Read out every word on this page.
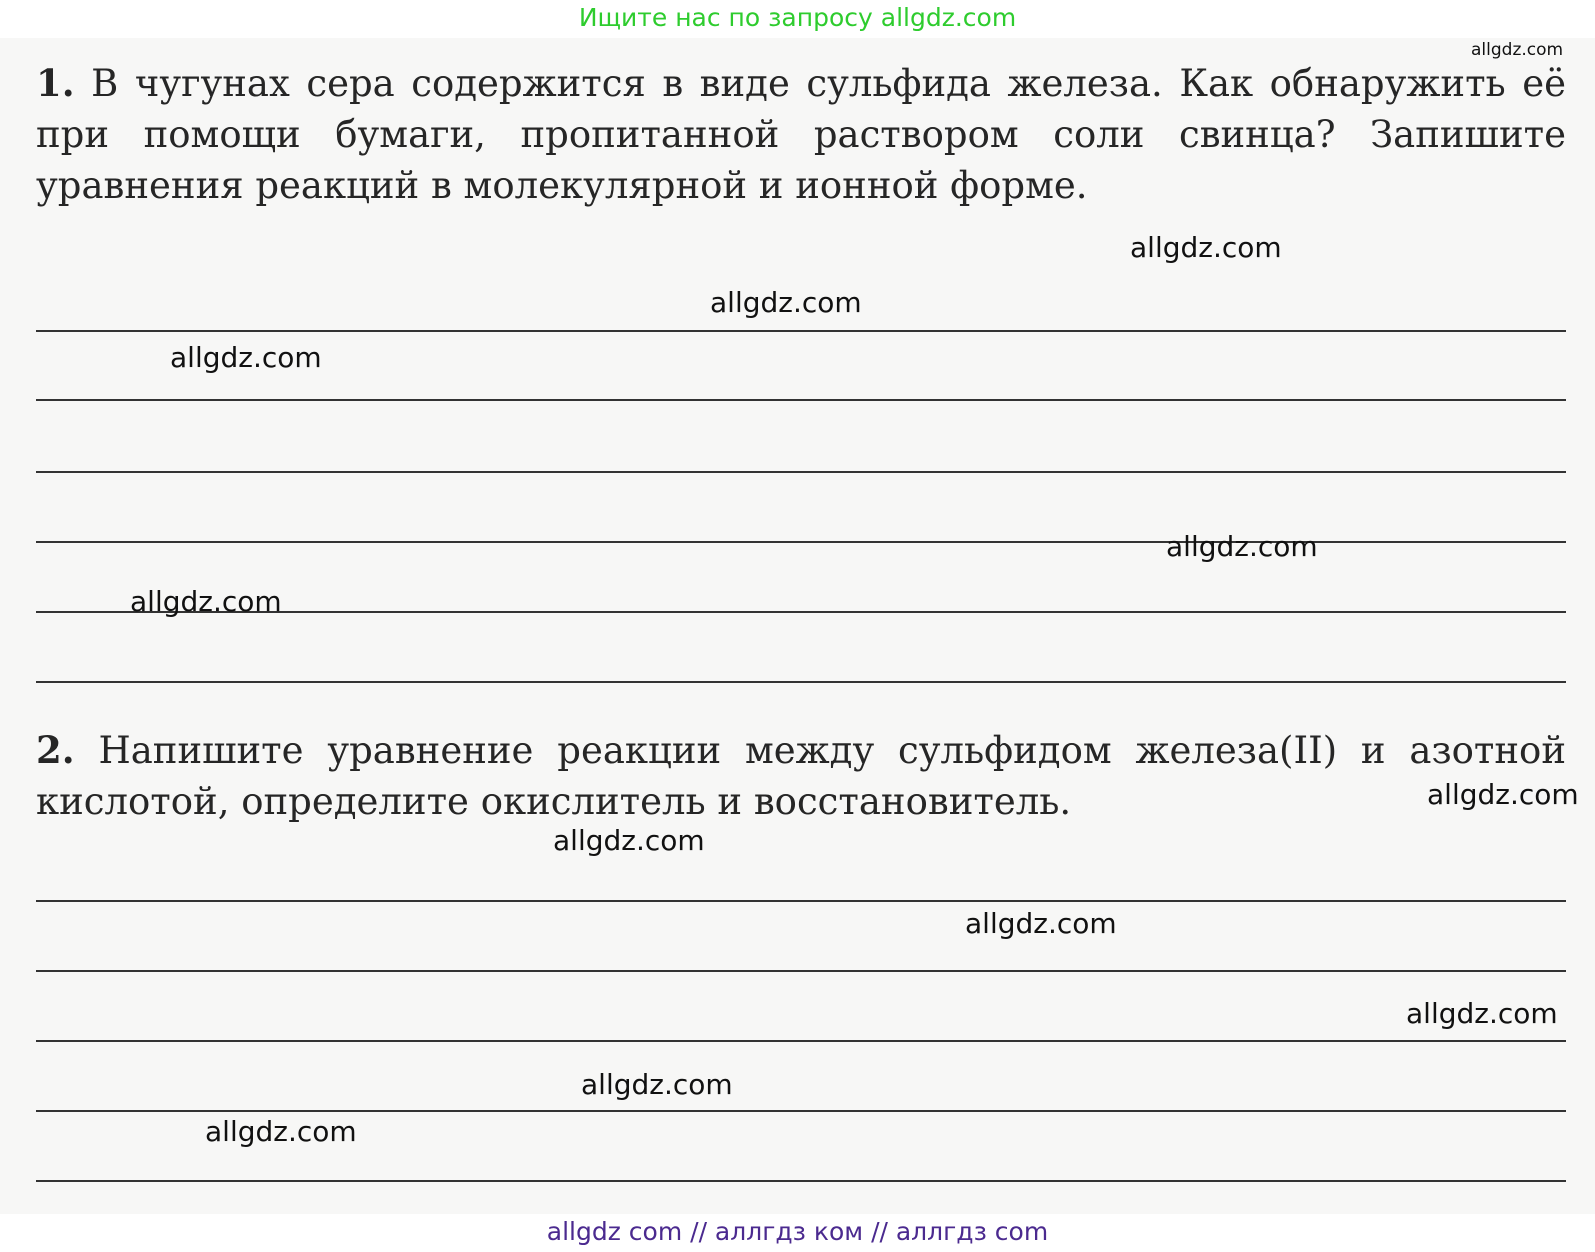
Ищите нас по запросу allgdz.com

1. В чугунах сера содержится в виде сульфида железа. Как обнаружить её при помощи бумаги, пропитанной раствором соли свинца? Запишите уравнения реакций в молекулярной и ионной форме.
2. Напишите уравнение реакции между сульфидом железа(II) и азотной кислотой, определите окислитель и восстановитель.
allgdz.com
allgdz.com
allgdz.com
allgdz.com
allgdz.com
allgdz.com
allgdz.com
allgdz.com
allgdz.com
allgdz.com
allgdz.com
allgdz.com
allgdz com // аллгдз ком // аллгдз com
